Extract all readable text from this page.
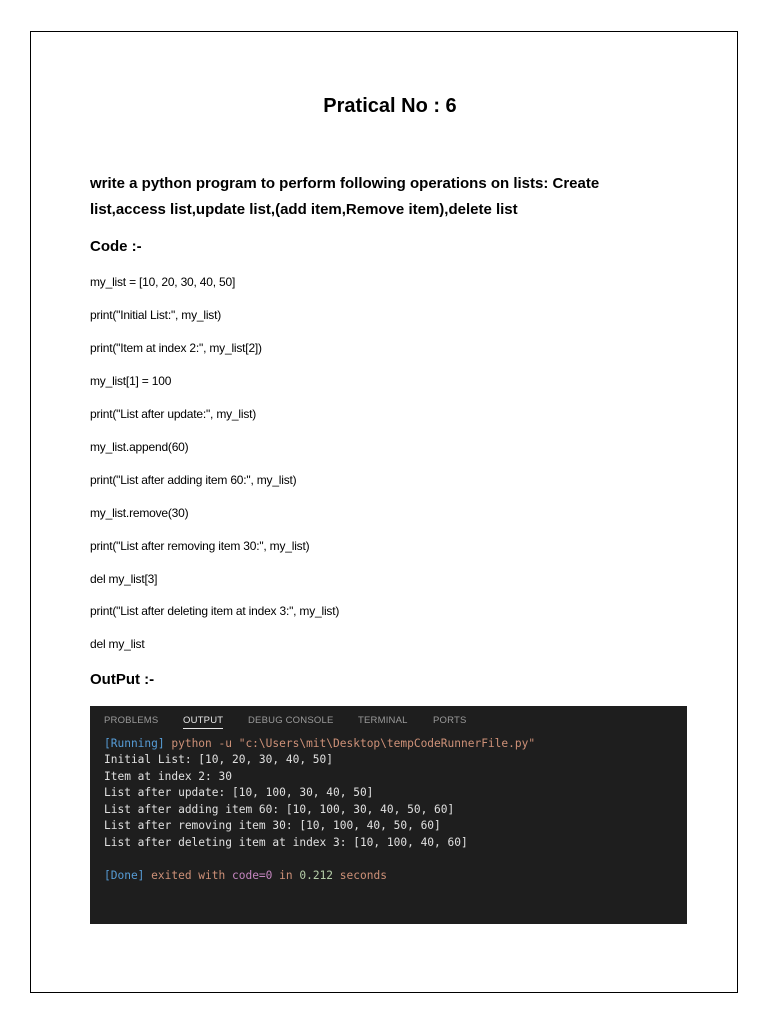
Pratical No : 6
write a python program to perform following operations on lists: Create list,access list,update list,(add item,Remove item),delete list
Code :-
my_list = [10, 20, 30, 40, 50]
print("Initial List:", my_list)
print("Item at index 2:", my_list[2])
my_list[1] = 100
print("List after update:", my_list)
my_list.append(60)
print("List after adding item 60:", my_list)
my_list.remove(30)
print("List after removing item 30:", my_list)
del my_list[3]
print("List after deleting item at index 3:", my_list)
del my_list
OutPut :-
PROBLEMS	OUTPUT	DEBUG CONSOLE	TERMINAL	PORTS
[Running] python -u "c:\Users\mit\Desktop\tempCodeRunnerFile.py"
Initial List: [10, 20, 30, 40, 50]
Item at index 2: 30
List after update: [10, 100, 30, 40, 50]
List after adding item 60: [10, 100, 30, 40, 50, 60]
List after removing item 30: [10, 100, 40, 50, 60]
List after deleting item at index 3: [10, 100, 40, 60]
[Done] exited with code=0 in 0.212 seconds
